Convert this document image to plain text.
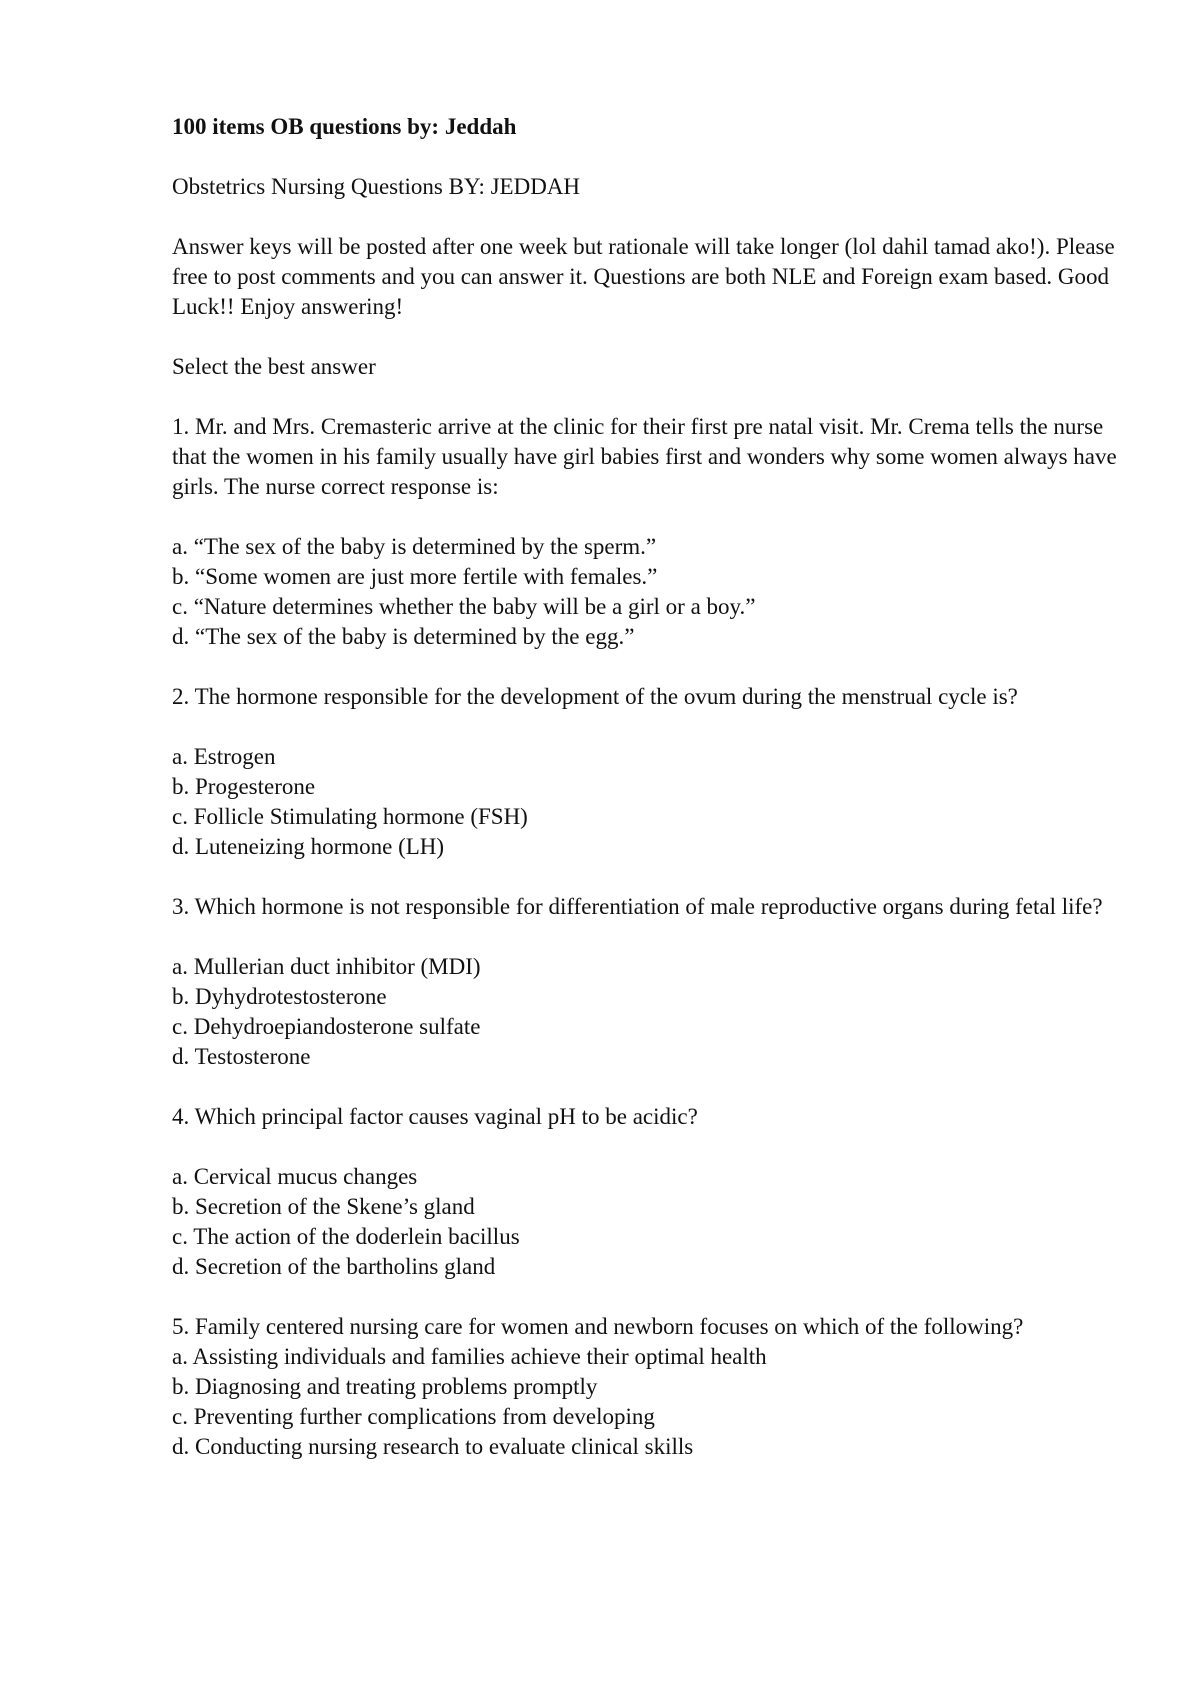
100 items OB questions by: Jeddah

Obstetrics Nursing Questions BY: JEDDAH

Answer keys will be posted after one week but rationale will take longer (lol dahil tamad ako!). Please free to post comments and you can answer it. Questions are both NLE and Foreign exam based. Good Luck!! Enjoy answering!

Select the best answer

1. Mr. and Mrs. Cremasteric arrive at the clinic for their first pre natal visit. Mr. Crema tells the nurse that the women in his family usually have girl babies first and wonders why some women always have girls. The nurse correct response is:

a. “The sex of the baby is determined by the sperm.”
b. “Some women are just more fertile with females.”
c. “Nature determines whether the baby will be a girl or a boy.”
d. “The sex of the baby is determined by the egg.”

2. The hormone responsible for the development of the ovum during the menstrual cycle is?

a. Estrogen
b. Progesterone
c. Follicle Stimulating hormone (FSH)
d. Luteneizing hormone (LH)

3. Which hormone is not responsible for differentiation of male reproductive organs during fetal life?

a. Mullerian duct inhibitor (MDI)
b. Dyhydrotestosterone
c. Dehydroepiandosterone sulfate
d. Testosterone

4. Which principal factor causes vaginal pH to be acidic?

a. Cervical mucus changes
b. Secretion of the Skene’s gland
c. The action of the doderlein bacillus
d. Secretion of the bartholins gland

5. Family centered nursing care for women and newborn focuses on which of the following?

a. Assisting individuals and families achieve their optimal health
b. Diagnosing and treating problems promptly
c. Preventing further complications from developing
d. Conducting nursing research to evaluate clinical skills
